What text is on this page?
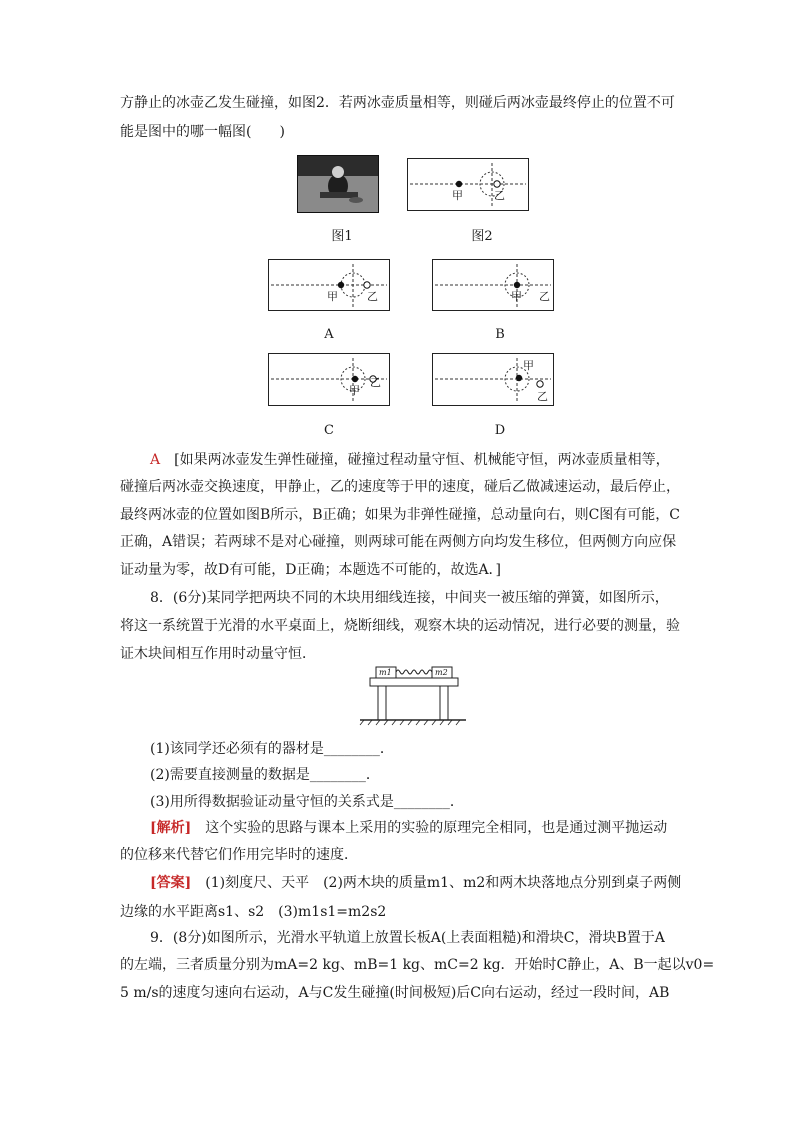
方静止的冰壶乙发生碰撞，如图2．若两冰壶质量相等，则碰后两冰壶最终停止的位置不可
能是图中的哪一幅图(　　)
图1
甲	乙
图2
甲	乙
A
甲 乙
B
甲
乙
C
甲
乙
D
A　[如果两冰壶发生弹性碰撞，碰撞过程动量守恒、机械能守恒，两冰壶质量相等，
碰撞后两冰壶交换速度，甲静止，乙的速度等于甲的速度，碰后乙做减速运动，最后停止，
最终两冰壶的位置如图B所示，B正确；如果为非弹性碰撞，总动量向右，则C图有可能，C
正确，A错误；若两球不是对心碰撞，则两球可能在两侧方向均发生移位，但两侧方向应保
证动量为零，故D有可能，D正确；本题选不可能的，故选A．]
8．(6分)某同学把两块不同的木块用细线连接，中间夹一被压缩的弹簧，如图所示，
将这一系统置于光滑的水平桌面上，烧断细线，观察木块的运动情况，进行必要的测量，验
证木块间相互作用时动量守恒．
m1	m2
(1)该同学还必须有的器材是________．
(2)需要直接测量的数据是________．
(3)用所得数据验证动量守恒的关系式是________．
[解析]　这个实验的思路与课本上采用的实验的原理完全相同，也是通过测平抛运动
的位移来代替它们作用完毕时的速度．
[答案]　(1)刻度尺、天平　(2)两木块的质量m1、m2和两木块落地点分别到桌子两侧
边缘的水平距离s1、s2　(3)m1s1=m2s2
9．(8分)如图所示，光滑水平轨道上放置长板A(上表面粗糙)和滑块C，滑块B置于A
的左端，三者质量分别为mA=2 kg、mB=1 kg、mC=2 kg．开始时C静止，A、B一起以v0=
5 m/s的速度匀速向右运动，A与C发生碰撞(时间极短)后C向右运动，经过一段时间，AB
